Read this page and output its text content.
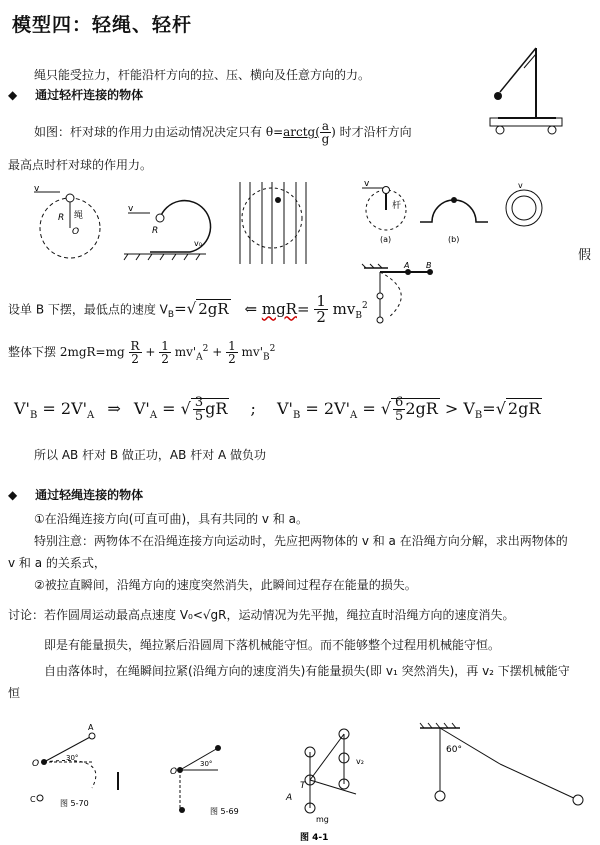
模型四：轻绳、轻杆
绳只能受拉力，杆能沿杆方向的拉、压、横向及任意方向的力。
◆ 通过轻杆连接的物体
如图：杆对球的作用力由运动情况决定只有 θ=arctg( $\frac{a}{g}$ ) 时才沿杆方向
最高点时杆对球的作用力。
v
R 绳
O
v
R
v₀
v
杆
(a)	(b)
v
假
A B
设单 B 下摆，最低点的速度 $V_B=√$ 2gR ⇐ $mgR= \frac{1}{2} mv_B^2$
整体下摆 $2mgR=mg \frac{R}{2} + \frac{1}{2} mv'_A^2 + \frac{1}{2} mv'_B^2$
$V'_B = 2V'_A$ ⇒ $V'_A$ = √ $\frac{3}{5}$ gR ; $V'_B = 2V'_A$ = √ $\frac{6}{5} 2gR > V_B=√$ 2gR
所以 AB 杆对 B 做正功，AB 杆对 A 做负功
◆ 通过轻绳连接的物体
①在沿绳连接方向(可直可曲)，具有共同的 v 和 a。
特别注意：两物体不在沿绳连接方向运动时，先应把两物体的 v 和 a 在沿绳方向分解，求出两物体的
v 和 a 的关系式，
②被拉直瞬间，沿绳方向的速度突然消失，此瞬间过程存在能量的损失。
讨论：若作圆周运动最高点速度 V₀<√gR，运动情况为先平抛，绳拉直时沿绳方向的速度消失。
即是有能量损失，绳拉紧后沿圆周下落机械能守恒。而不能够整个过程用机械能守恒。
自由落体时，在绳瞬间拉紧(沿绳方向的速度消失)有能量损失(即 v₁ 突然消失)，再 v₂ 下摆机械能守
恒
O
A
30°
C	图 5-70
O
30°
图 5-69
T
A
mg
v₂
图 4-1
60°
